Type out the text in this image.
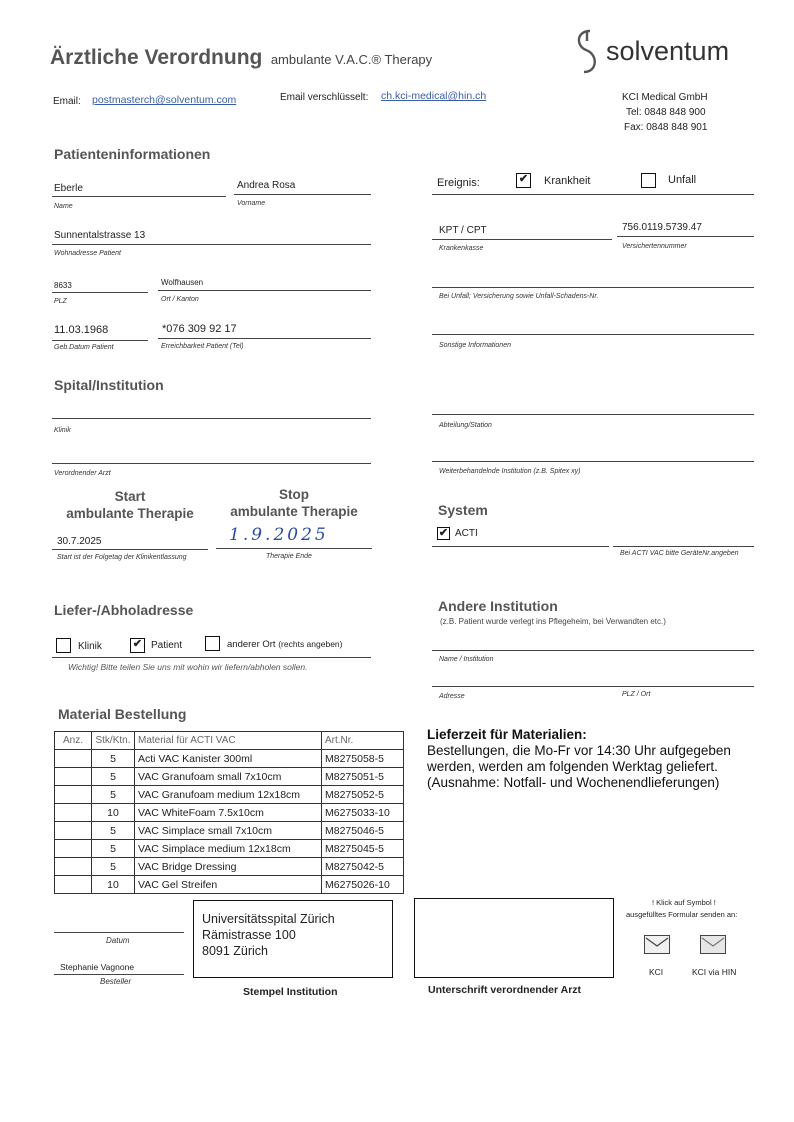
Ärztliche Verordnung ambulante V.A.C.® Therapy	solventum
Email: postmasterch@solventum.com	Email verschlüsselt: ch.kci-medical@hin.ch	KCI Medical GmbH
Tel: 0848 848 900
Fax: 0848 848 901
Patienteninformationen
Eberle
Name
Andrea Rosa
Vorname
Sunnentalstrasse 13
Wohnadresse Patient
8633
PLZ
Wolfhausen
Ort / Kanton
11.03.1968
Geb.Datum Patient
*076 309 92 17
Erreichbarkeit Patient (Tel)
Ereignis:	✔ Krankheit	Unfall
KPT / CPT
Krankenkasse
756.0119.5739.47
Versichertennummer
Bei Unfall; Versicherung sowie Unfall-Schadens-Nr.
Sonstige Informationen
Spital/Institution
Klinik
Abteilung/Station
Verordnender Arzt	Weiterbehandelnde Institution (z.B. Spitex xy)
Start
ambulante Therapie
Stop
ambulante Therapie
30.7.2025
Start ist der Folgetag der Klinikentlassung
1.9.2025
Therapie Ende
System
✔ ACTI
Bei ACTI VAC bitte GeräteNr.angeben
Liefer-/Abholadresse
Klinik	✔ Patient	anderer Ort (rechts angeben)
Wichtig! Bitte teilen Sie uns mit wohin wir liefern/abholen sollen.
Andere Institution
(z.B. Patient wurde verlegt ins Pflegeheim, bei Verwandten etc.)
Name / Institution
Adresse	PLZ / Ort
Material Bestellung
Anz.	Stk/Ktn.	Material für ACTI VAC	Art.Nr.
	5	Acti VAC Kanister 300ml	M8275058-5
	5	VAC Granufoam small 7x10cm	M8275051-5
	5	VAC Granufoam medium 12x18cm	M8275052-5
	10	VAC WhiteFoam 7.5x10cm	M6275033-10
	5	VAC Simplace small 7x10cm	M8275046-5
	5	VAC Simplace medium 12x18cm	M8275045-5
	5	VAC Bridge Dressing	M8275042-5
	10	VAC Gel Streifen	M6275026-10
Lieferzeit für Materialien:
Bestellungen, die Mo-Fr vor 14:30 Uhr aufgegeben
werden, werden am folgenden Werktag geliefert.
(Ausnahme: Notfall- und Wochenendlieferungen)
Datum
Stephanie Vagnone
Besteller
Universitätsspital Zürich
Rämistrasse 100
8091 Zürich
Stempel Institution	Unterschrift verordnender Arzt
! Klick auf Symbol !
ausgefülltes Formular senden an:
KCI	KCI via HIN
